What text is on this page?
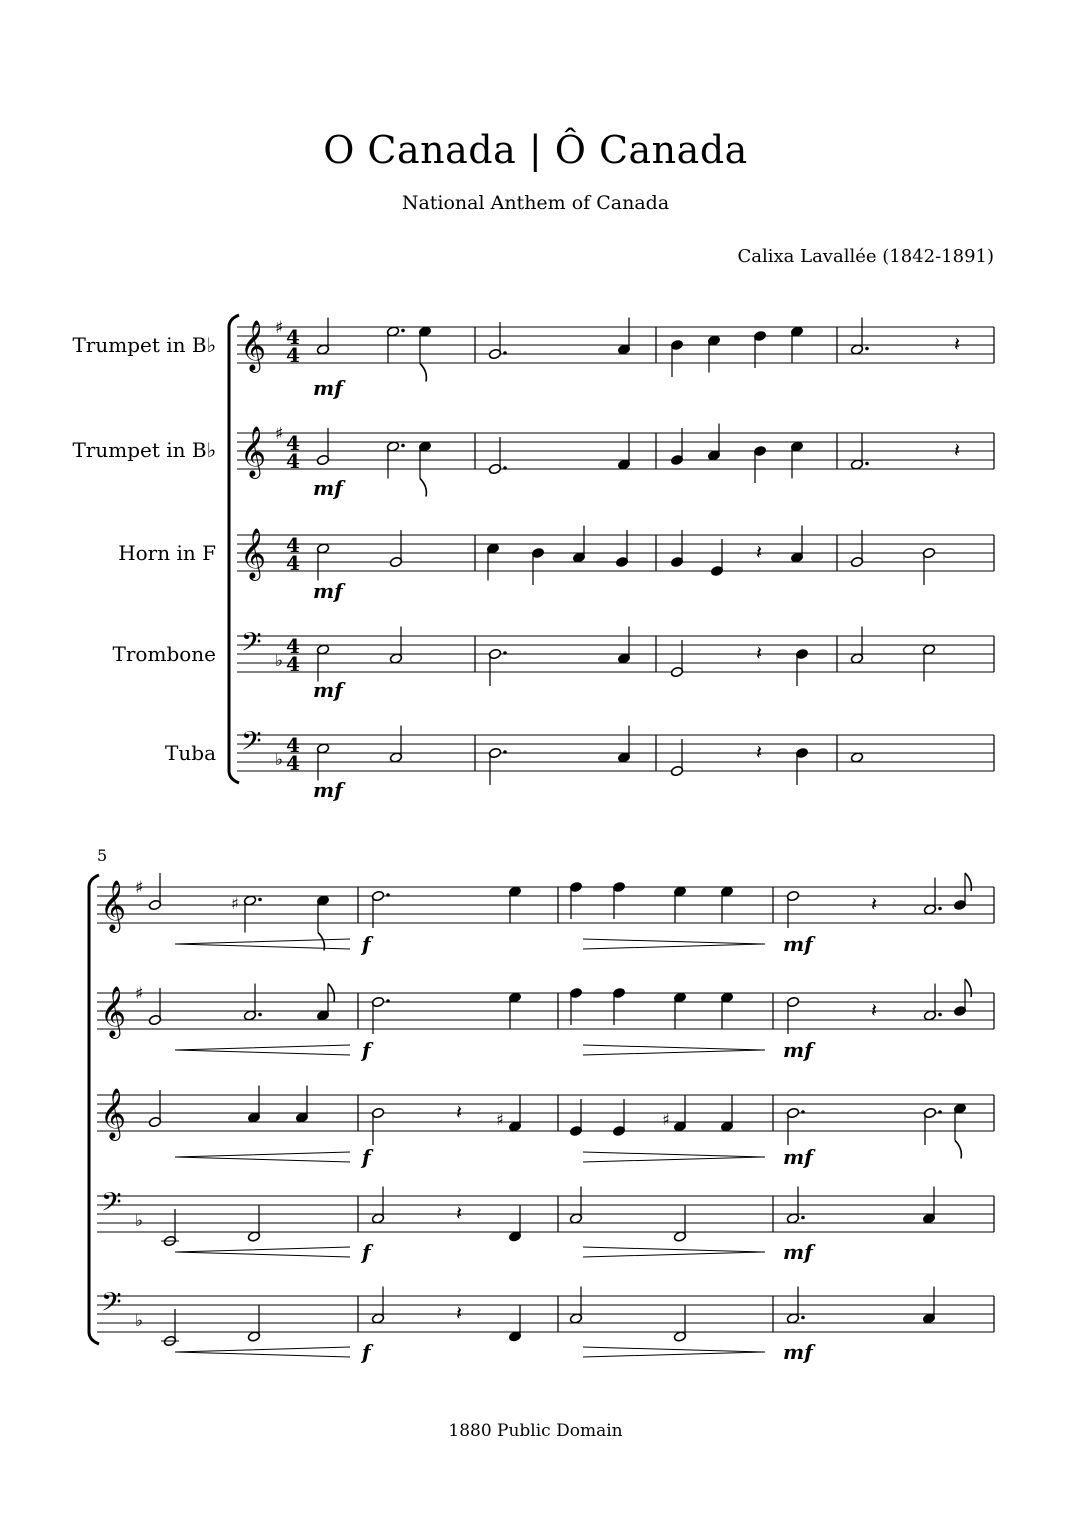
O Canada | Ô Canada
National Anthem of Canada
Calixa Lavallée (1842-1891)
Trumpet in B♭
Trumpet in B♭
Horn in F
Trombone
Tuba
5
𝄞 ♯ 4
4
𝄞 ♯ 4
4
𝄞 4
4
𝄢 ♭
4
4
𝄢 ♭
4
4
𝄞 ♯
𝄞 ♯
𝄞
𝄢 ♭
𝄢 ♭
𝄽
𝄽
𝄽
𝄽
𝄽
mf
mf
mf
mf
mf
♯	𝄽
𝄽
𝄽 ♯	♯
𝄽
𝄽
f	mf
f	mf
f	mf
f	mf
f	mf
1880 Public Domain
